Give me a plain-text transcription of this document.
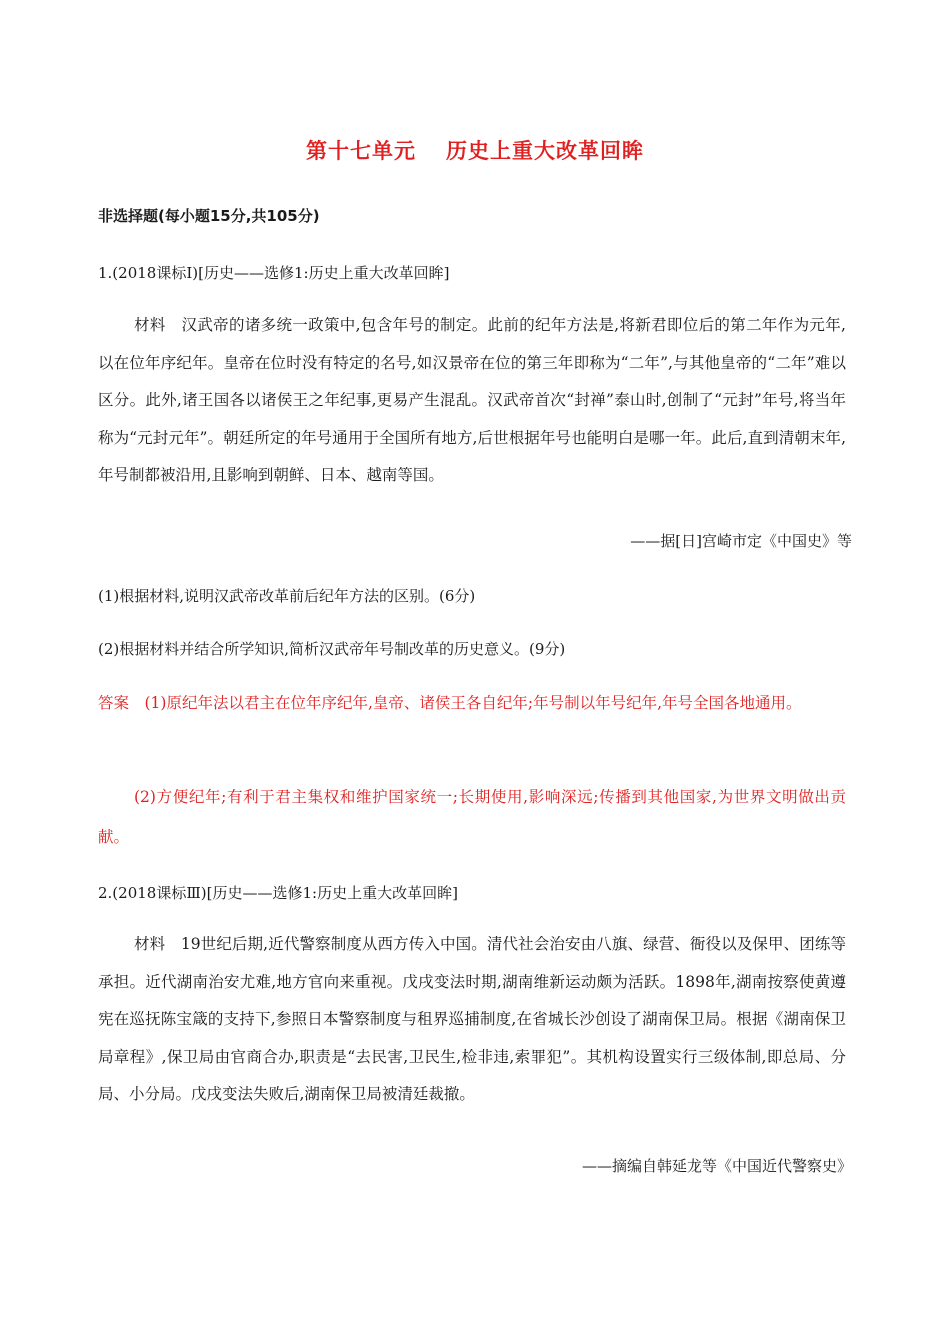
第十七单元 历史上重大改革回眸
非选择题(每小题15分,共105分)
1.(2018课标Ⅰ)[历史——选修1:历史上重大改革回眸]
材料　汉武帝的诸多统一政策中,包含年号的制定。此前的纪年方法是,将新君即位后的第二年作为元年,以在位年序纪年。皇帝在位时没有特定的名号,如汉景帝在位的第三年即称为“二年”,与其他皇帝的“二年”难以区分。此外,诸王国各以诸侯王之年纪事,更易产生混乱。汉武帝首次“封禅”泰山时,创制了“元封”年号,将当年称为“元封元年”。朝廷所定的年号通用于全国所有地方,后世根据年号也能明白是哪一年。此后,直到清朝末年,年号制都被沿用,且影响到朝鲜、日本、越南等国。
——据[日]宫崎市定《中国史》等
(1)根据材料,说明汉武帝改革前后纪年方法的区别。(6分)
(2)根据材料并结合所学知识,简析汉武帝年号制改革的历史意义。(9分)
答案　(1)原纪年法以君主在位年序纪年,皇帝、诸侯王各自纪年;年号制以年号纪年,年号全国各地通用。
(2)方便纪年;有利于君主集权和维护国家统一;长期使用,影响深远;传播到其他国家,为世界文明做出贡献。
2.(2018课标Ⅲ)[历史——选修1:历史上重大改革回眸]
材料　19世纪后期,近代警察制度从西方传入中国。清代社会治安由八旗、绿营、衙役以及保甲、团练等承担。近代湖南治安尤难,地方官向来重视。戊戌变法时期,湖南维新运动颇为活跃。1898年,湖南按察使黄遵宪在巡抚陈宝箴的支持下,参照日本警察制度与租界巡捕制度,在省城长沙创设了湖南保卫局。根据《湖南保卫局章程》,保卫局由官商合办,职责是“去民害,卫民生,检非违,索罪犯”。其机构设置实行三级体制,即总局、分局、小分局。戊戌变法失败后,湖南保卫局被清廷裁撤。
——摘编自韩延龙等《中国近代警察史》
